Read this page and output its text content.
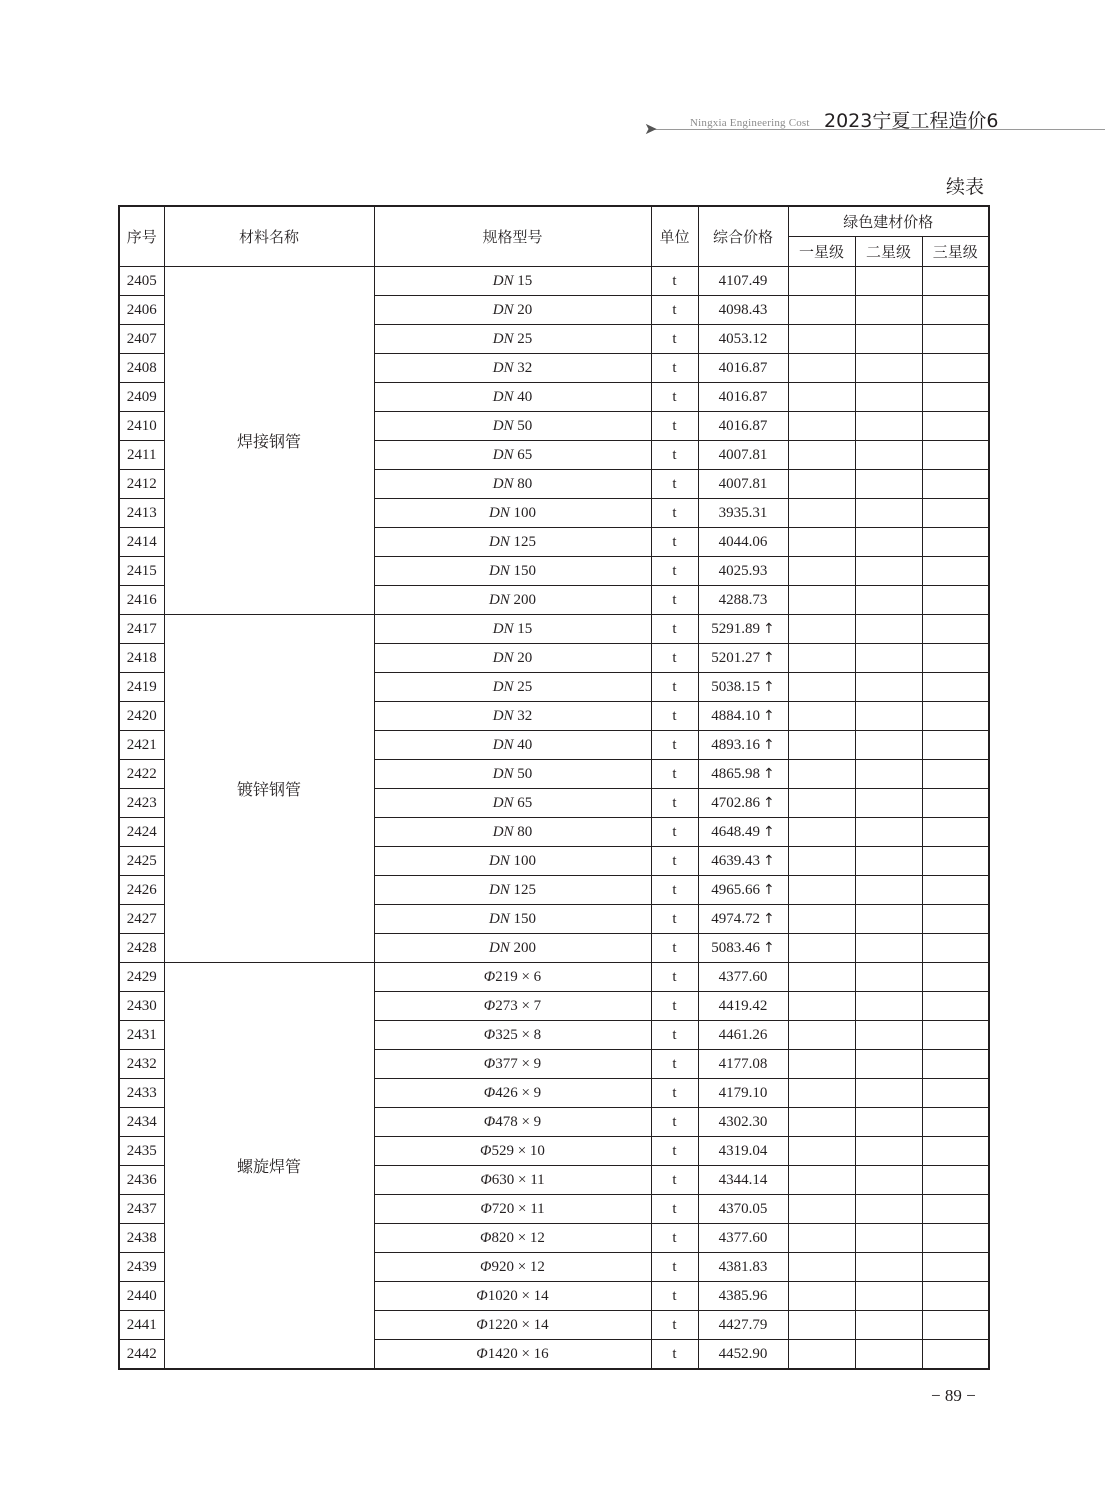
➤	Ningxia Engineering Cost 2023宁夏工程造价6
续表
序号	材料名称	规格型号	单位	综合价格	绿色建材价格		
					一星级	二星级	三星级
2405	焊接钢管	DN 15	t	4107.49			
2406		DN 20	t	4098.43			
2407		DN 25	t	4053.12			
2408		DN 32	t	4016.87			
2409		DN 40	t	4016.87			
2410		DN 50	t	4016.87			
2411		DN 65	t	4007.81			
2412		DN 80	t	4007.81			
2413		DN 100	t	3935.31			
2414		DN 125	t	4044.06			
2415		DN 150	t	4025.93			
2416		DN 200	t	4288.73			
2417	镀锌钢管	DN 15	t	5291.89 ↑			
2418		DN 20	t	5201.27 ↑			
2419		DN 25	t	5038.15 ↑			
2420		DN 32	t	4884.10 ↑			
2421		DN 40	t	4893.16 ↑			
2422		DN 50	t	4865.98 ↑			
2423		DN 65	t	4702.86 ↑			
2424		DN 80	t	4648.49 ↑			
2425		DN 100	t	4639.43 ↑			
2426		DN 125	t	4965.66 ↑			
2427		DN 150	t	4974.72 ↑			
2428		DN 200	t	5083.46 ↑			
2429	螺旋焊管	Φ219 × 6	t	4377.60			
2430		Φ273 × 7	t	4419.42			
2431		Φ325 × 8	t	4461.26			
2432		Φ377 × 9	t	4177.08			
2433		Φ426 × 9	t	4179.10			
2434		Φ478 × 9	t	4302.30			
2435		Φ529 × 10	t	4319.04			
2436		Φ630 × 11	t	4344.14			
2437		Φ720 × 11	t	4370.05			
2438		Φ820 × 12	t	4377.60			
2439		Φ920 × 12	t	4381.83			
2440		Φ1020 × 14	t	4385.96			
2441		Φ1220 × 14	t	4427.79			
2442		Φ1420 × 16	t	4452.90			
− 89 −
